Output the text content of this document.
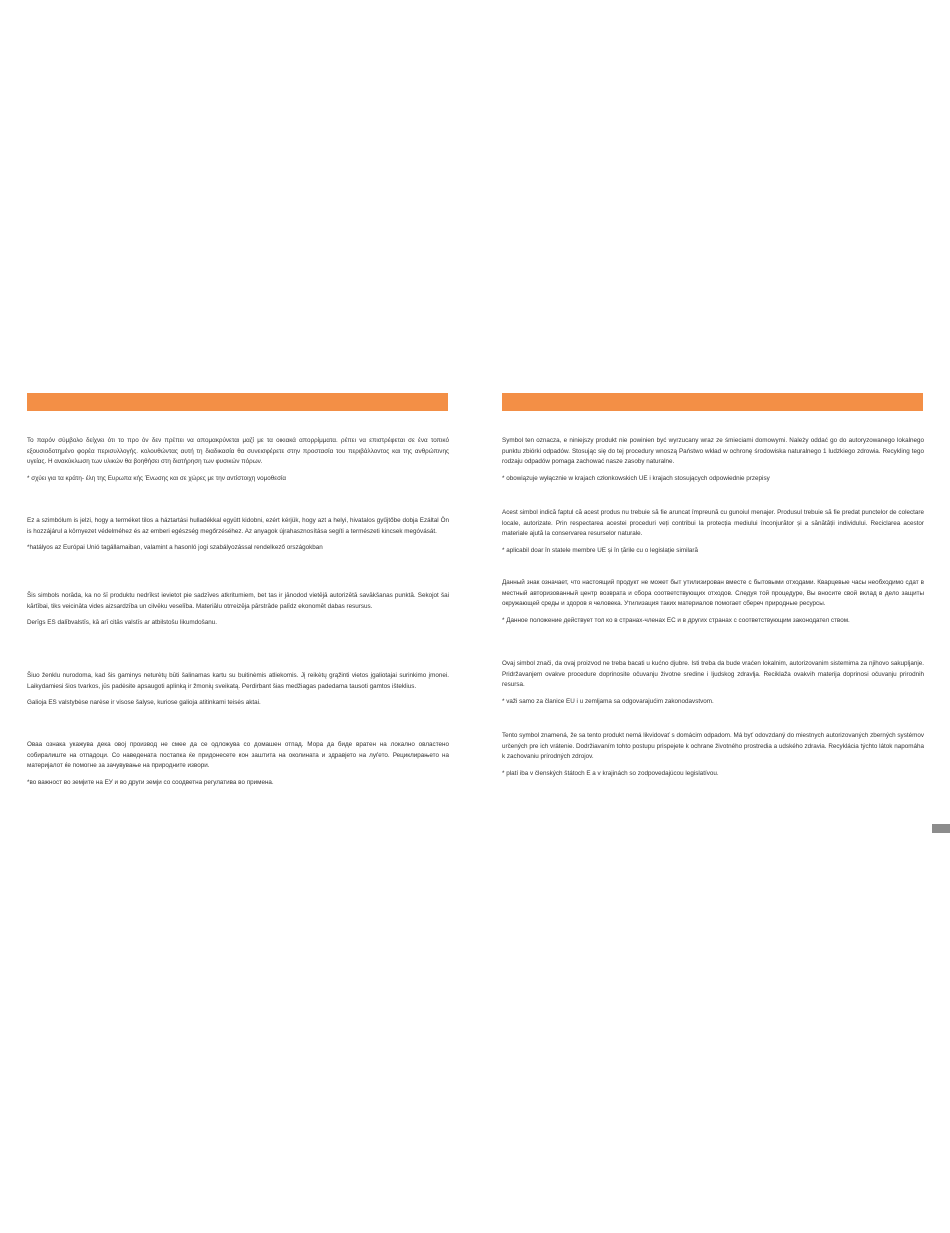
Το παρόν σύμβολο δείχνει ότι το προ όν δεν πρέπει να απομακρύνεται μαζί με τα οικιακά απορρίμματα. ρέπει να επιστρέφεται σε ένα τοπικό εξουσιοδοτημένο φορέα περισυλλογής. κολουθώντας αυτή τη διαδικασία θα συνεισφέρετε στην προστασία του περιβάλλοντος και της ανθρώπινης υγείας. Η ανακύκλωση των υλικών θα βοηθήσει στη διατήρηση των φυσικών πόρων.

* σχύει για τα κράτη- έλη της Ευρωπα κής Ένωσης και σε χώρες με την αντίστοιχη νομοθεσία

Ez a szimbólum is jelzi, hogy a terméket tilos a háztartási hulladékkal együtt kidobni, ezért kérjük, hogy azt a helyi, hivatalos gyűjtőbe dobja Ezáltal Ön is hozzájárul a környezet védelméhez és az emberi egészség megőrzéséhez. Az anyagok újrahasznosítása segíti a természeti kincsek megóvását.

*hatályos az Európai Unió tagállamaiban, valamint a hasonló jogi szabályozással rendelkező országokban

Šis simbols norāda, ka no šī produktu nedrīkst ievietot pie sadzīves atkritumiem, bet tas ir jānodod vietējā autorizētā savākšanas punktā. Sekojot šai kārtībai, tiks veicināta vides aizsardzība un cilvēku veselība. Materiālu otrreizēja pārstrāde palīdz ekonomēt dabas resursus.

Derīgs ES dalībvalstīs, kā arī citās valstīs ar atbilstošu likumdošanu.

Šiuo ženklu nurodoma, kad šis gaminys neturėtų būti šalinamas kartu su buitinėmis atliekomis. Jį reikėtų grąžinti vietos įgaliotajai surinkimo įmonei. Laikydamiesi šios tvarkos, jūs padėsite apsaugoti aplinką ir žmonių sveikatą. Perdirbant šias medžiagas padedama tausoti gamtos išteklius.

Galioja ES valstybėse narėse ir visose šalyse, kuriose galioja atitinkami teisės aktai.

Оваа ознака укажува дека овој производ не смее да се одложува со домашен отпад. Мора да биде вратен на локално овластено собиралиште на отпадоци. Со наведената постапка ќе придонесете кон заштита на околината и здравјето на луѓето. Рециклирањето на материјалот ќе помогне за зачувување на природните извори.

*во важност во земјите на ЕУ и во други земји со соодветна регулатива во примена.

Symbol ten oznacza, e niniejszy produkt nie powinien być wyrzucany wraz ze śmieciami domowymi. Należy oddać go do autoryzowanego lokalnego punktu zbiórki odpadów. Stosując się do tej procedury wnoszą Państwo wkład w ochronę środowiska naturalnego 1 ludzkiego zdrowia. Recykling tego rodzaju odpadów pomaga zachować nasze zasoby naturalne.

* obowiązuje wyłącznie w krajach członkowskich UE i krajach stosujących odpowiednie przepisy

Acest simbol indică faptul că acest produs nu trebuie să fie aruncat împreună cu gunoiul menajer. Produsul trebuie să fie predat punctelor de colectare locale, autorizate. Prin respectarea acestei proceduri veți contribui la protecția mediului înconjurător și a sănătății individului. Reciclarea acestor materiale ajută la conservarea resurselor naturale.

* aplicabil doar în statele membre UE și în țările cu o legislație similară

Данный знак означает, что настоящий продукт не может быт утилизирован вместе с бытовыми отходами. Кварцевые часы необходимо сдат в местный авторизованный центр возврата и сбора соответствующих отходов. Следуя той процедуре, Вы вносите свой вклад в дело защиты окружающей среды и здоров я человека. Утилизация таких материалов помогает сбереч природные ресурсы.

* Данное положение действует тол ко в странах-членах ЕС и в других странах с соответствующим законодател ством.

Ovaj simbol znači, da ovaj proizvod ne treba bacati u kućno djubre. Isti treba da bude vraćen lokalnim, autorizovanim sistemima za njihovo sakupljanje. Pridržavanjem ovakve procedure doprinosite očuvanju životne sredine i ljudskog zdravlja. Reciklaža ovakvih materija doprinosi očuvanju prirodnih resursa.

* važi samo za članice EU i u zemljama sa odgovarajućim zakonodavstvom.

Tento symbol znamená, že sa tento produkt nemá likvidovať s domácim odpadom. Má byť odovzdaný do miestnych autorizovaných zberných systémov určených pre ich vrátenie. Dodržiavaním tohto postupu prispejete k ochrane životného prostredia a udského zdravia. Recyklácia týchto látok napomáha k zachovaniu prírodných zdrojov.

* platí iba v členských štátoch E a v krajinách so zodpovedajúcou legislatívou.
